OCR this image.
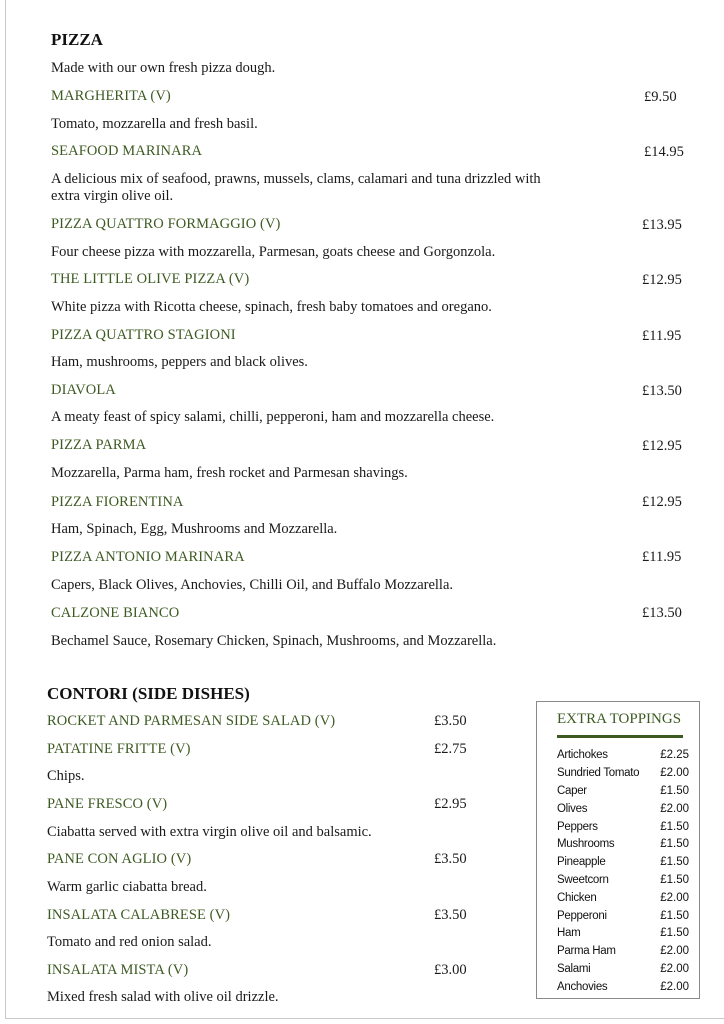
PIZZA
Made with our own fresh pizza dough.
MARGHERITA (V)	£9.50
Tomato, mozzarella and fresh basil.
SEAFOOD MARINARA	£14.95
A delicious mix of seafood, prawns, mussels, clams, calamari and tuna drizzled with
extra virgin olive oil.
PIZZA QUATTRO FORMAGGIO (V)	£13.95
Four cheese pizza with mozzarella, Parmesan, goats cheese and Gorgonzola.
THE LITTLE OLIVE PIZZA (V)	£12.95
White pizza with Ricotta cheese, spinach, fresh baby tomatoes and oregano.
PIZZA QUATTRO STAGIONI	£11.95
Ham, mushrooms, peppers and black olives.
DIAVOLA	£13.50
A meaty feast of spicy salami, chilli, pepperoni, ham and mozzarella cheese.
PIZZA PARMA	£12.95
Mozzarella, Parma ham, fresh rocket and Parmesan shavings.
PIZZA FIORENTINA	£12.95
Ham, Spinach, Egg, Mushrooms and Mozzarella.
PIZZA ANTONIO MARINARA	£11.95
Capers, Black Olives, Anchovies, Chilli Oil, and Buffalo Mozzarella.
CALZONE BIANCO	£13.50
Bechamel Sauce, Rosemary Chicken, Spinach, Mushrooms, and Mozzarella.
CONTORI (SIDE DISHES)
ROCKET AND PARMESAN SIDE SALAD (V)	£3.50
PATATINE FRITTE (V)	£2.75
Chips.
PANE FRESCO (V)	£2.95
Ciabatta served with extra virgin olive oil and balsamic.
PANE CON AGLIO (V)	£3.50
Warm garlic ciabatta bread.
INSALATA CALABRESE (V)	£3.50
Tomato and red onion salad.
INSALATA MISTA (V)	£3.00
Mixed fresh salad with olive oil drizzle.
EXTRA TOPPINGS
Artichokes	£2.25
Sundried Tomato £2.00
Caper	£1.50
Olives	£2.00
Peppers	£1.50
Mushrooms	£1.50
Pineapple	£1.50
Sweetcorn	£1.50
Chicken	£2.00
Pepperoni	£1.50
Ham	£1.50
Parma Ham	£2.00
Salami	£2.00
Anchovies	£2.00
